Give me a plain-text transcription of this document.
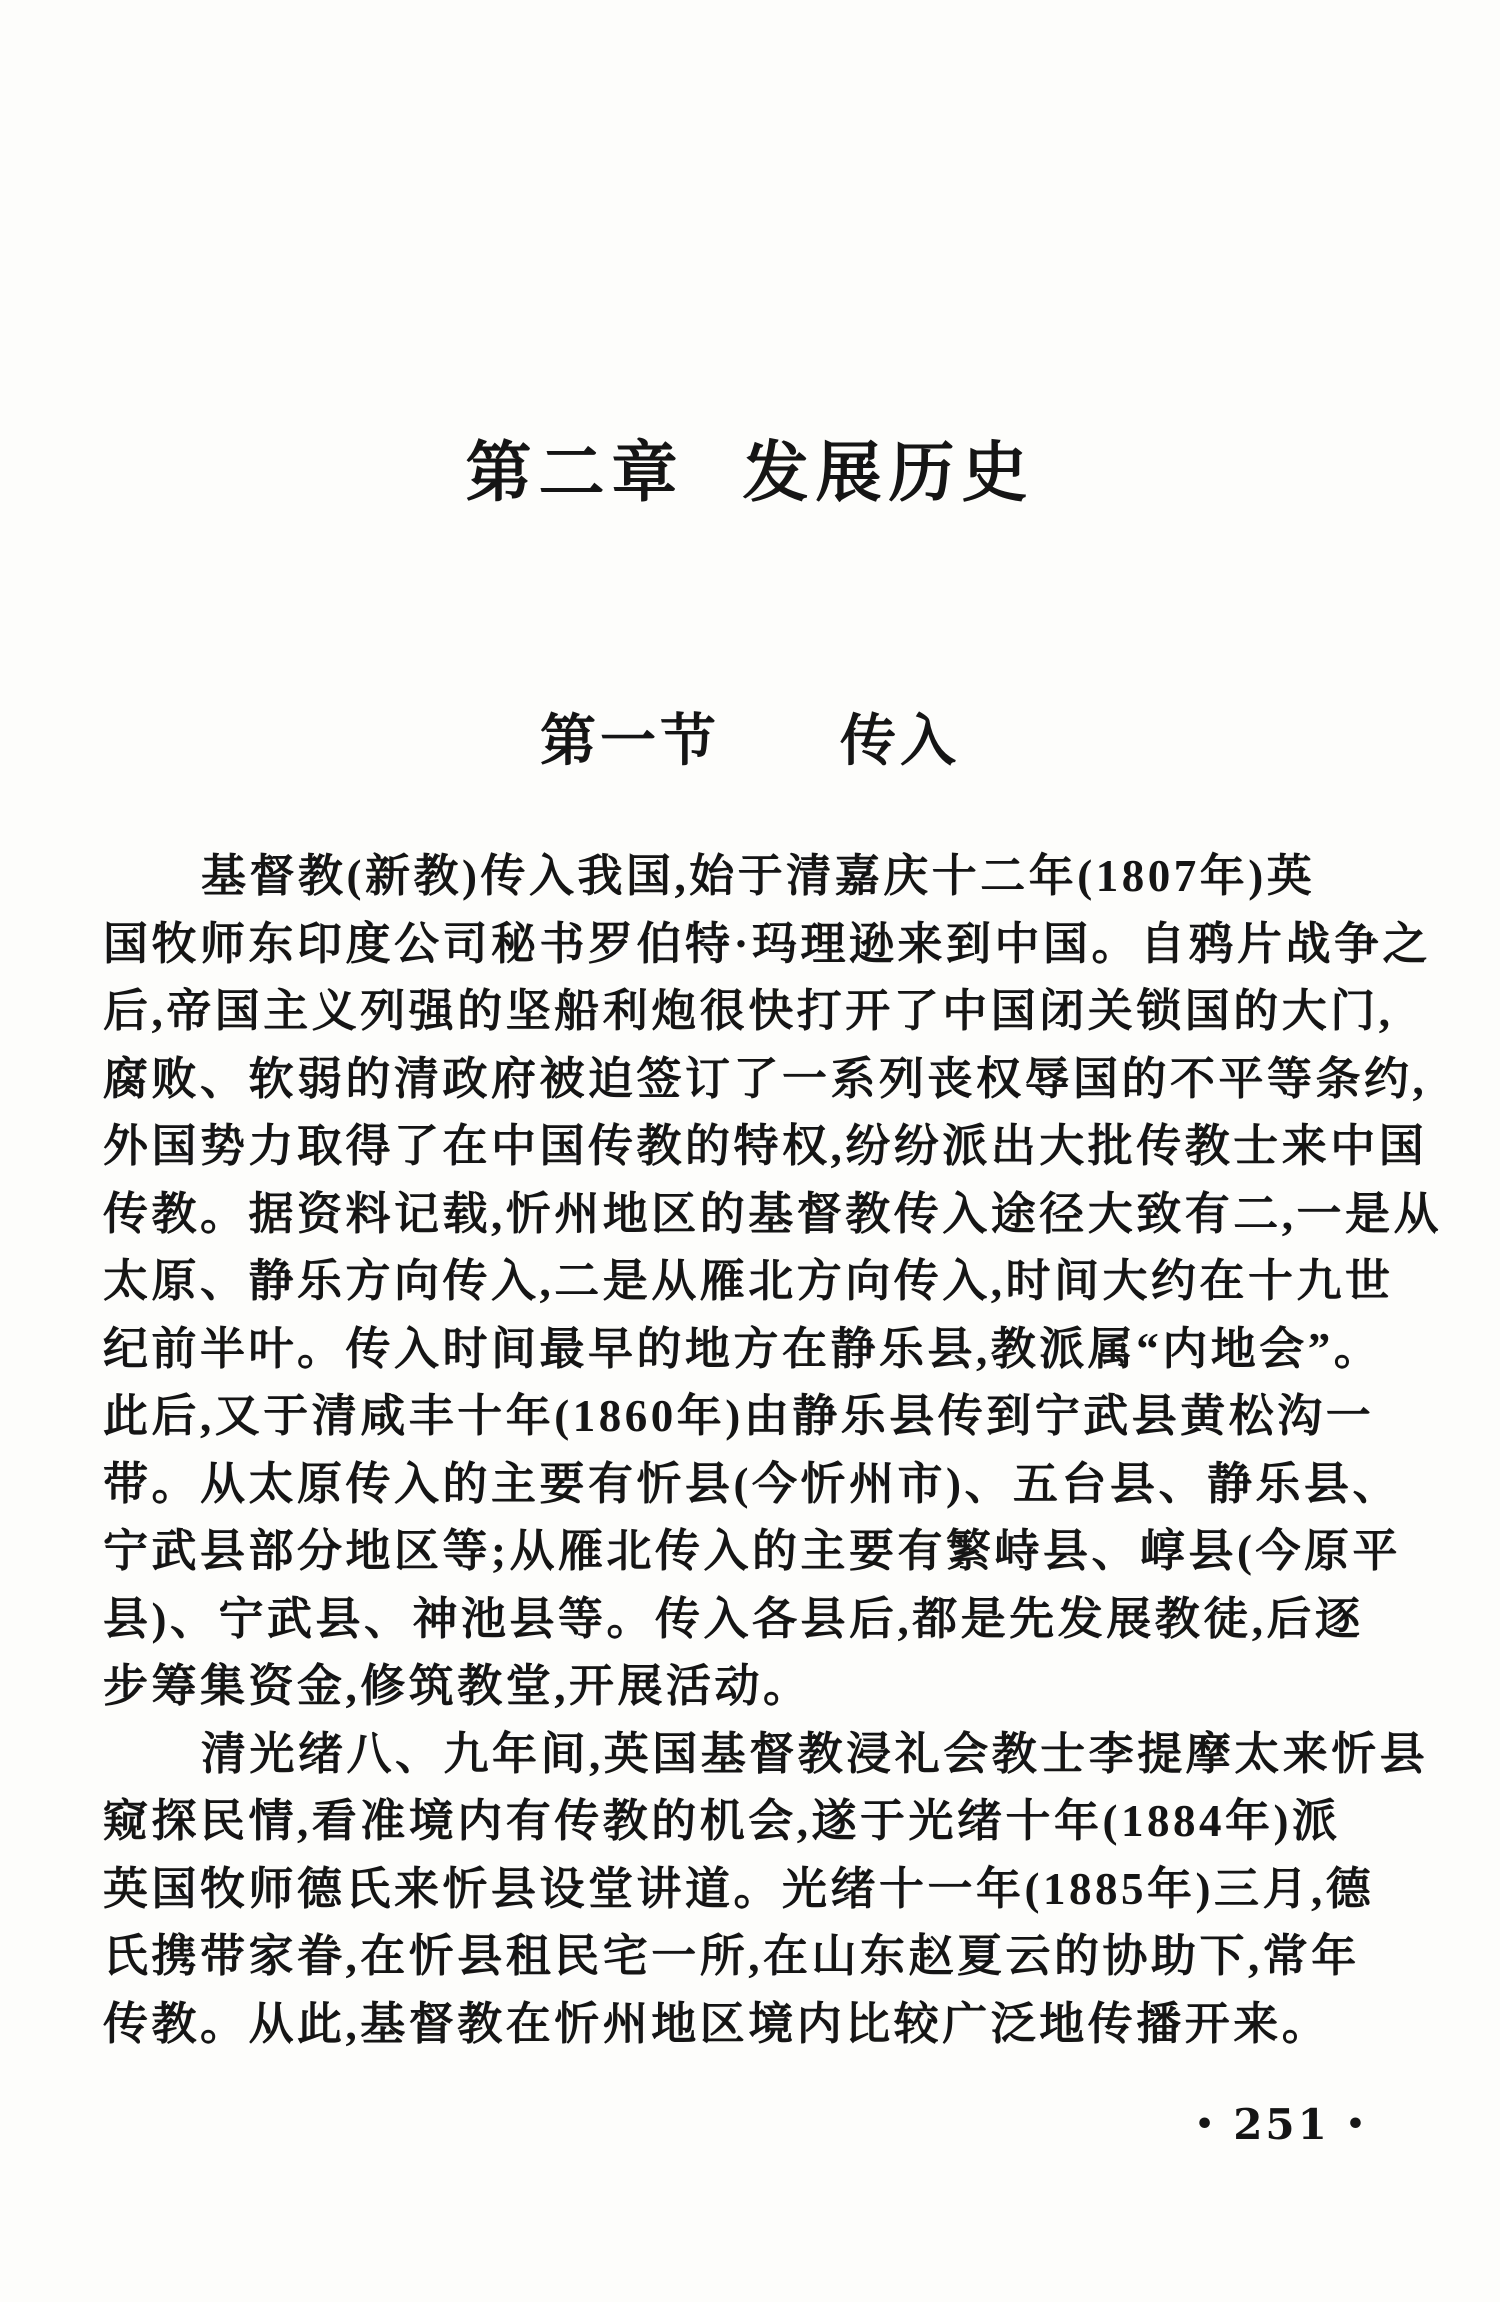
第二章 发展历史
第一节 传入
基督教(新教)传入我国,始于清嘉庆十二年(1807年)英
国牧师东印度公司秘书罗伯特·玛理逊来到中国。自鸦片战争之
后,帝国主义列强的坚船利炮很快打开了中国闭关锁国的大门,
腐败、软弱的清政府被迫签订了一系列丧权辱国的不平等条约,
外国势力取得了在中国传教的特权,纷纷派出大批传教士来中国
传教。据资料记载,忻州地区的基督教传入途径大致有二,一是从
太原、静乐方向传入,二是从雁北方向传入,时间大约在十九世
纪前半叶。传入时间最早的地方在静乐县,教派属“内地会”。
此后,又于清咸丰十年(1860年)由静乐县传到宁武县黄松沟一
带。从太原传入的主要有忻县(今忻州市)、五台县、静乐县、
宁武县部分地区等;从雁北传入的主要有繁峙县、崞县(今原平
县)、宁武县、神池县等。传入各县后,都是先发展教徒,后逐
步筹集资金,修筑教堂,开展活动。
清光绪八、九年间,英国基督教浸礼会教士李提摩太来忻县
窥探民情,看准境内有传教的机会,遂于光绪十年(1884年)派
英国牧师德氏来忻县设堂讲道。光绪十一年(1885年)三月,德
氏携带家眷,在忻县租民宅一所,在山东赵夏云的协助下,常年
传教。从此,基督教在忻州地区境内比较广泛地传播开来。
• 251 •
